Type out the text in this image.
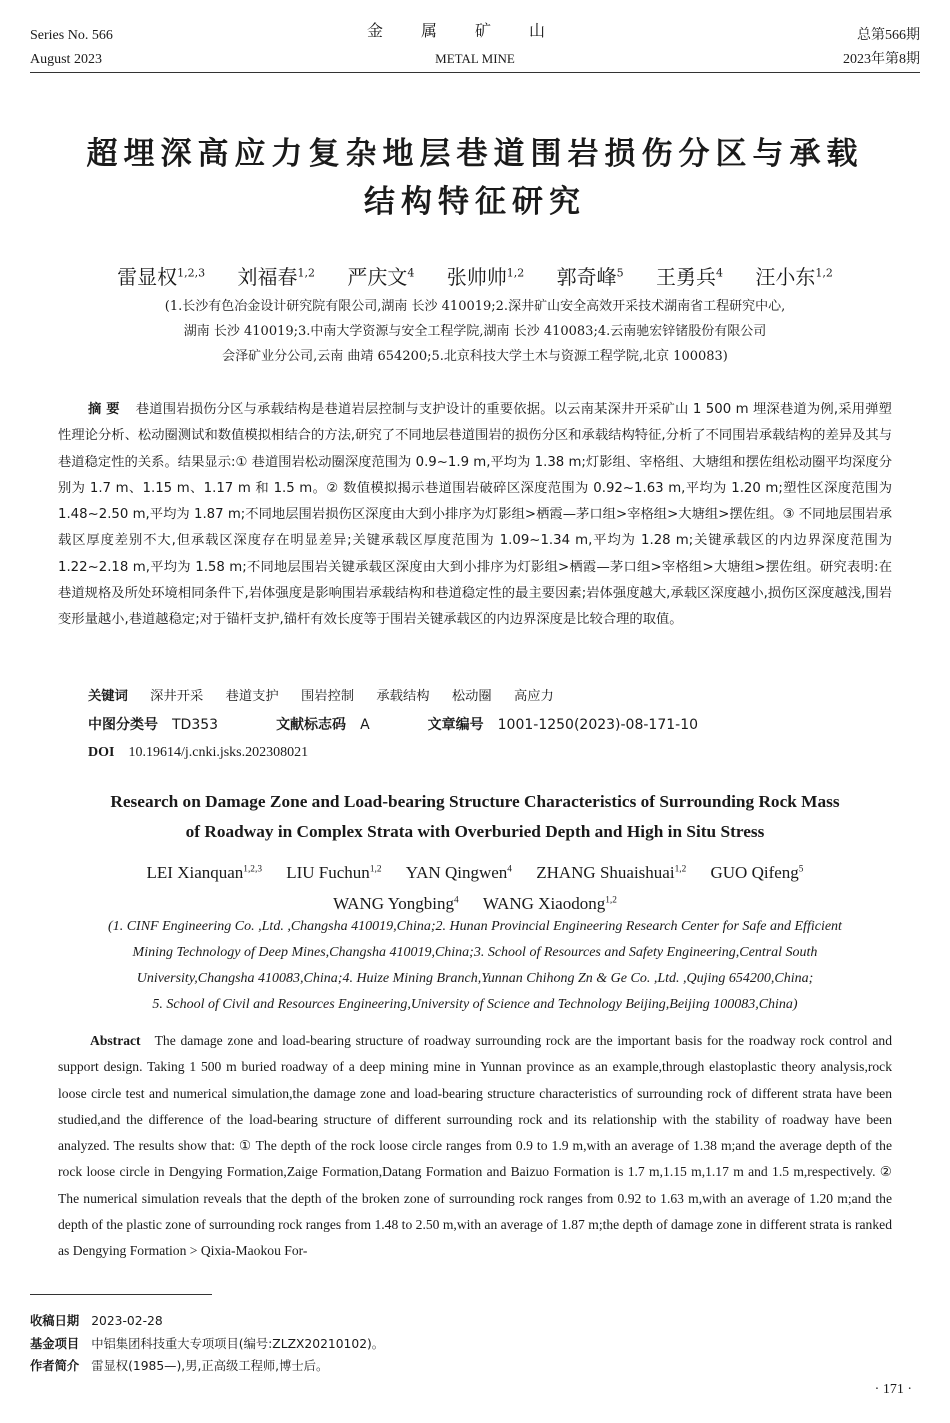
Series No. 566
August 2023
金属矿山
METAL MINE
总第566期
2023年第8期
超埋深高应力复杂地层巷道围岩损伤分区与承载
结构特征研究
雷显权$^{1,2,3}$ 刘福春$^{1,2}$ 严庆文$^4$ 张帅帅$^{1,2}$ 郭奇峰$^5$ 王勇兵$^4$ 汪小东$^{1,2}$
(1.长沙有色冶金设计研究院有限公司,湖南 长沙 410019;2.深井矿山安全高效开采技术湖南省工程研究中心,
湖南 长沙 410019;3.中南大学资源与安全工程学院,湖南 长沙 410083;4.云南驰宏锌锗股份有限公司
会泽矿业分公司,云南 曲靖 654200;5.北京科技大学土木与资源工程学院,北京 100083)
摘 要 巷道围岩损伤分区与承载结构是巷道岩层控制与支护设计的重要依据。以云南某深井开采矿山 1 500 m 埋深巷道为例,采用弹塑性理论分析、松动圈测试和数值模拟相结合的方法,研究了不同地层巷道围岩的损伤分区和承载结构特征,分析了不同围岩承载结构的差异及其与巷道稳定性的关系。结果显示:① 巷道围岩松动圈深度范围为 0.9~1.9 m,平均为 1.38 m;灯影组、宰格组、大塘组和摆佐组松动圈平均深度分别为 1.7 m、1.15 m、1.17 m 和 1.5 m。② 数值模拟揭示巷道围岩破碎区深度范围为 0.92~1.63 m,平均为 1.20 m;塑性区深度范围为 1.48~2.50 m,平均为 1.87 m;不同地层围岩损伤区深度由大到小排序为灯影组>栖霞—茅口组>宰格组>大塘组>摆佐组。③ 不同地层围岩承载区厚度差别不大,但承载区深度存在明显差异;关键承载区厚度范围为 1.09~1.34 m,平均为 1.28 m;关键承载区的内边界深度范围为 1.22~2.18 m,平均为 1.58 m;不同地层围岩关键承载区深度由大到小排序为灯影组>栖霞—茅口组>宰格组>大塘组>摆佐组。研究表明:在巷道规格及所处环境相同条件下,岩体强度是影响围岩承载结构和巷道稳定性的最主要因素;岩体强度越大,承载区深度越小,损伤区深度越浅,围岩变形量越小,巷道越稳定;对于锚杆支护,锚杆有效长度等于围岩关键承载区的内边界深度是比较合理的取值。
关键词 深井开采 巷道支护 围岩控制 承载结构 松动圈 高应力
中图分类号 TD353	文献标志码 A	文章编号 1001-1250(2023)-08-171-10
DOI 10.19614/j.cnki.jsks.202308021
Research on Damage Zone and Load-bearing Structure Characteristics of Surrounding Rock Mass
of Roadway in Complex Strata with Overburied Depth and High in Situ Stress
LEI Xianquan$^{1,2,3}$ LIU Fuchun$^{1,2}$ YAN Qingwen$^4$ ZHANG Shuaishuai$^{1,2}$ GUO Qifeng$^5$
WANG Yongbing$^4$ WANG Xiaodong$^{1,2}$
(1. CINF Engineering Co. ,Ltd. ,Changsha 410019,China;2. Hunan Provincial Engineering Research Center for Safe and Efficient
Mining Technology of Deep Mines,Changsha 410019,China;3. School of Resources and Safety Engineering,Central South
University,Changsha 410083,China;4. Huize Mining Branch,Yunnan Chihong Zn & Ge Co. ,Ltd. ,Qujing 654200,China;
5. School of Civil and Resources Engineering,University of Science and Technology Beijing,Beijing 100083,China)
Abstract The damage zone and load-bearing structure of roadway surrounding rock are the important basis for the roadway rock control and support design. Taking 1 500 m buried roadway of a deep mining mine in Yunnan province as an example,through elastoplastic theory analysis,rock loose circle test and numerical simulation,the damage zone and load-bearing structure characteristics of surrounding rock of different strata have been studied,and the difference of the load-bearing structure of different surrounding rock and its relationship with the stability of roadway have been analyzed. The results show that: ① The depth of the rock loose circle ranges from 0.9 to 1.9 m,with an average of 1.38 m;and the average depth of the rock loose circle in Dengying Formation,Zaige Formation,Datang Formation and Baizuo Formation is 1.7 m,1.15 m,1.17 m and 1.5 m,respectively. ② The numerical simulation reveals that the depth of the broken zone of surrounding rock ranges from 0.92 to 1.63 m,with an average of 1.20 m;and the depth of the plastic zone of surrounding rock ranges from 1.48 to 2.50 m,with an average of 1.87 m;the depth of damage zone in different strata is ranked as Dengying Formation > Qixia-Maokou For-
收稿日期 2023-02-28
基金项目 中铝集团科技重大专项项目(编号:ZLZX20210102)。
作者简介 雷显权(1985—),男,正高级工程师,博士后。
· 171 ·
